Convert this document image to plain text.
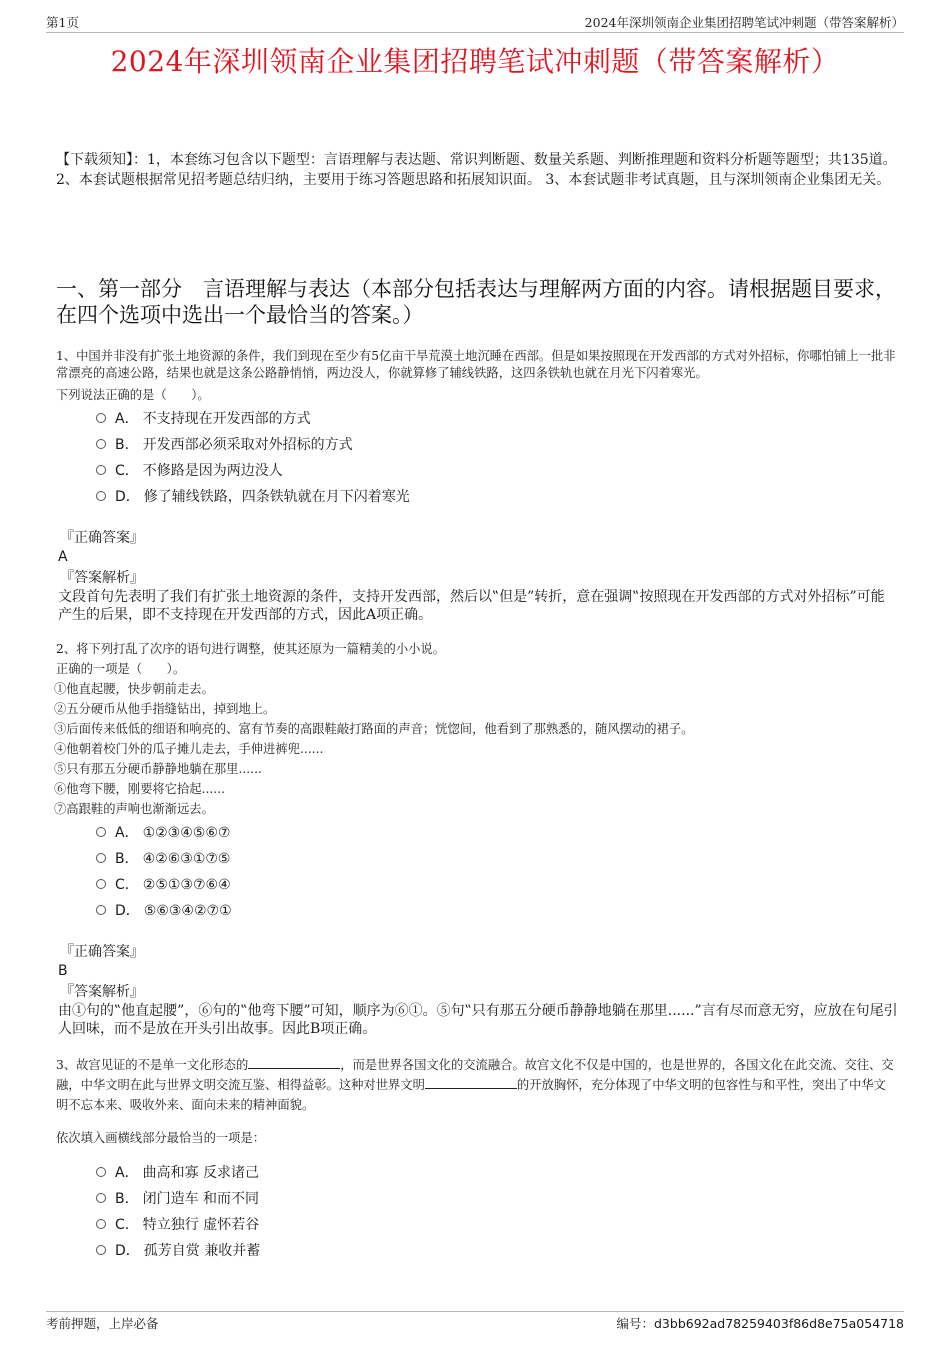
第1页	2024年深圳领南企业集团招聘笔试冲刺题（带答案解析）
2024年深圳领南企业集团招聘笔试冲刺题（带答案解析）
【下载须知】：1，本套练习包含以下题型：言语理解与表达题、常识判断题、数量关系题、判断推理题和资料分析题等题型；共135道。 2、本套试题根据常见招考题总结归纳，主要用于练习答题思路和拓展知识面。 3、本套试题非考试真题，且与深圳领南企业集团无关。
一、第一部分　言语理解与表达（本部分包括表达与理解两方面的内容。请根据题目要求，在四个选项中选出一个最恰当的答案。）
1、中国并非没有扩张土地资源的条件，我们到现在至少有5亿亩干旱荒漠土地沉睡在西部。但是如果按照现在开发西部的方式对外招标，你哪怕铺上一批非常漂亮的高速公路，结果也就是这条公路静悄悄，两边没人，你就算修了辅线铁路，这四条铁轨也就在月光下闪着寒光。
下列说法正确的是（　　）。
A． 不支持现在开发西部的方式
B． 开发西部必须采取对外招标的方式
C． 不修路是因为两边没人
D． 修了辅线铁路，四条铁轨就在月下闪着寒光
『正确答案』
A
『答案解析』
文段首句先表明了我们有扩张土地资源的条件，支持开发西部，然后以‟但是”转折，意在强调‟按照现在开发西部的方式对外招标”可能产生的后果，即不支持现在开发西部的方式，因此A项正确。
2、将下列打乱了次序的语句进行调整，使其还原为一篇精美的小小说。
正确的一项是（　　）。
①他直起腰，快步朝前走去。
②五分硬币从他手指缝钻出，掉到地上。
③后面传来低低的细语和响亮的、富有节奏的高跟鞋敲打路面的声音；恍惚间，他看到了那熟悉的，随风摆动的裙子。
④他朝着校门外的瓜子摊儿走去，手伸进裤兜......
⑤只有那五分硬币静静地躺在那里......
⑥他弯下腰，刚要将它拾起......
⑦高跟鞋的声响也渐渐远去。
A． ①②③④⑤⑥⑦
B． ④②⑥③①⑦⑤
C． ②⑤①③⑦⑥④
D． ⑤⑥③④②⑦①
『正确答案』
B
『答案解析』
由①句的‟他直起腰”，⑥句的‟他弯下腰”可知，顺序为⑥①。⑤句‟只有那五分硬币静静地躺在那里......”言有尽而意无穷，应放在句尾引人回味，而不是放在开头引出故事。因此B项正确。
3、故宫见证的不是单一文化形态的	，而是世界各国文化的交流融合。故宫文化不仅是中国的，也是世界的，各国文化在此交流、交往、交融，中华文明在此与世界文明交流互鉴、相得益彰。这种对世界文明	的开放胸怀，充分体现了中华文明的包容性与和平性，突出了中华文明不忘本来、吸收外来、面向未来的精神面貌。
依次填入画横线部分最恰当的一项是：
A． 曲高和寡 反求诸己
B． 闭门造车 和而不同
C． 特立独行 虚怀若谷
D． 孤芳自赏 兼收并蓄
考前押题，上岸必备	编号：d3bb692ad78259403f86d8e75a054718
